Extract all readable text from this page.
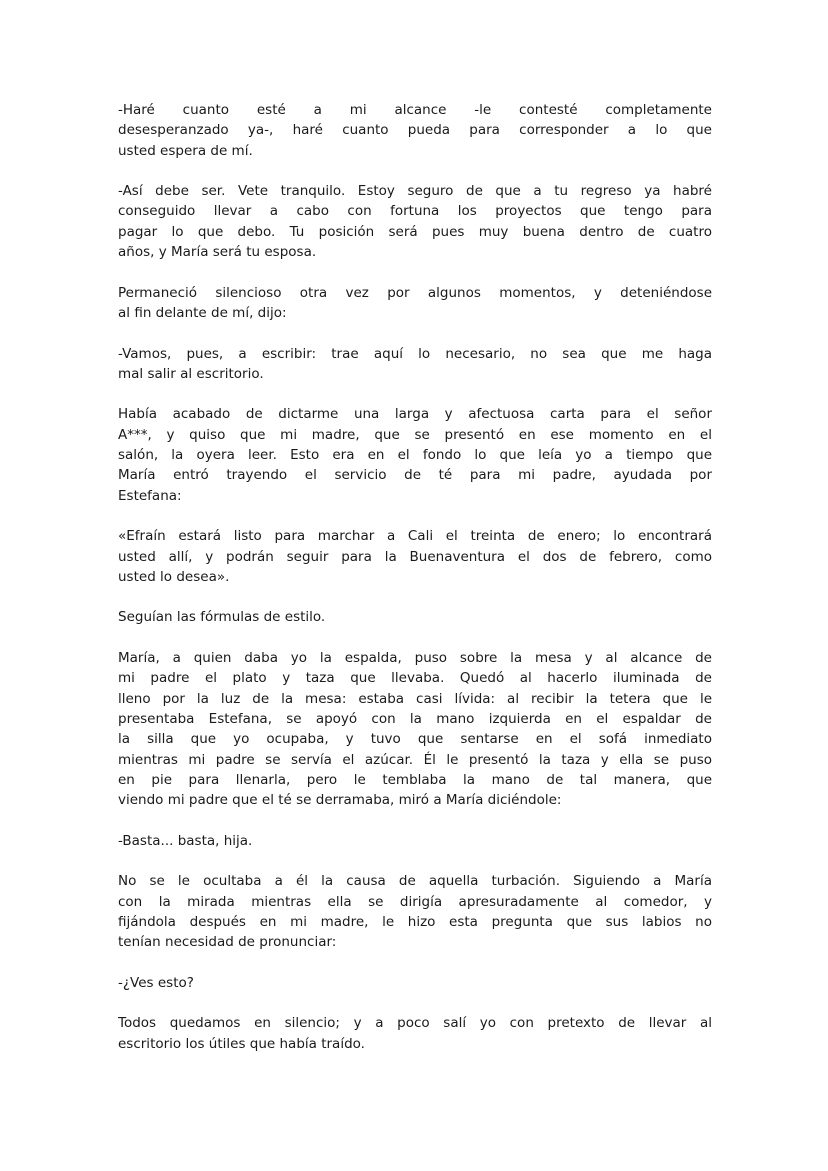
-Haré cuanto esté a mi alcance -le contesté completamente
desesperanzado ya-, haré cuanto pueda para corresponder a lo que
usted espera de mí.
-Así debe ser. Vete tranquilo. Estoy seguro de que a tu regreso ya habré
conseguido llevar a cabo con fortuna los proyectos que tengo para
pagar lo que debo. Tu posición será pues muy buena dentro de cuatro
años, y María será tu esposa.
Permaneció silencioso otra vez por algunos momentos, y deteniéndose
al fin delante de mí, dijo:
-Vamos, pues, a escribir: trae aquí lo necesario, no sea que me haga
mal salir al escritorio.
Había acabado de dictarme una larga y afectuosa carta para el señor
A***, y quiso que mi madre, que se presentó en ese momento en el
salón, la oyera leer. Esto era en el fondo lo que leía yo a tiempo que
María entró trayendo el servicio de té para mi padre, ayudada por
Estefana:
«Efraín estará listo para marchar a Cali el treinta de enero; lo encontrará
usted allí, y podrán seguir para la Buenaventura el dos de febrero, como
usted lo desea».
Seguían las fórmulas de estilo.
María, a quien daba yo la espalda, puso sobre la mesa y al alcance de
mi padre el plato y taza que llevaba. Quedó al hacerlo iluminada de
lleno por la luz de la mesa: estaba casi lívida: al recibir la tetera que le
presentaba Estefana, se apoyó con la mano izquierda en el espaldar de
la silla que yo ocupaba, y tuvo que sentarse en el sofá inmediato
mientras mi padre se servía el azúcar. Él le presentó la taza y ella se puso
en pie para llenarla, pero le temblaba la mano de tal manera, que
viendo mi padre que el té se derramaba, miró a María diciéndole:
-Basta... basta, hija.
No se le ocultaba a él la causa de aquella turbación. Siguiendo a María
con la mirada mientras ella se dirigía apresuradamente al comedor, y
fijándola después en mi madre, le hizo esta pregunta que sus labios no
tenían necesidad de pronunciar:
-¿Ves esto?
Todos quedamos en silencio; y a poco salí yo con pretexto de llevar al
escritorio los útiles que había traído.
